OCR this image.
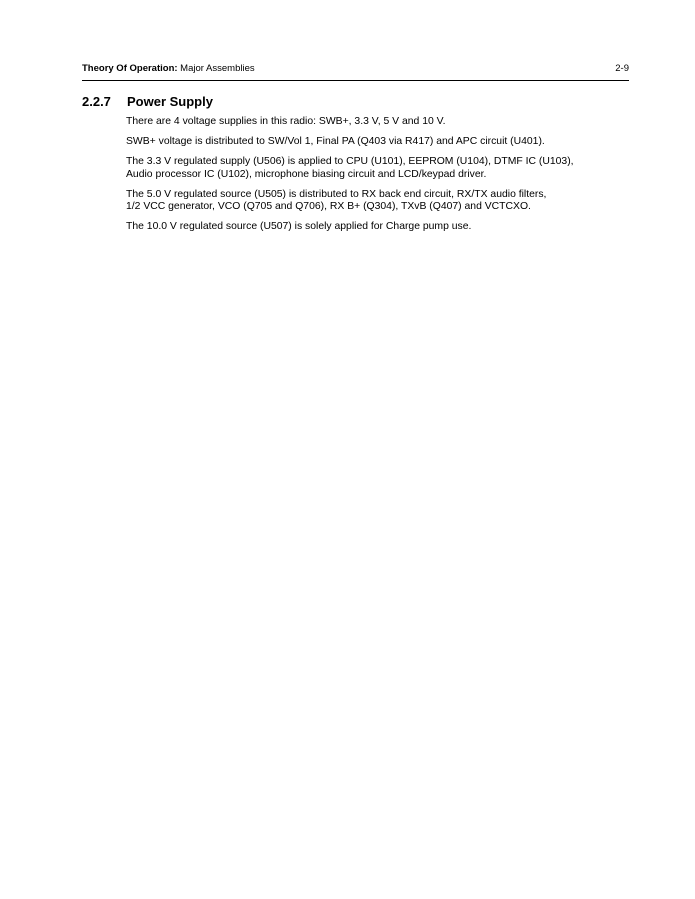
Theory Of Operation: Major Assemblies	2-9
2.2.7 Power Supply

There are 4 voltage supplies in this radio: SWB+, 3.3 V, 5 V and 10 V.

SWB+ voltage is distributed to SW/Vol 1, Final PA (Q403 via R417) and APC circuit (U401).

The 3.3 V regulated supply (U506) is applied to CPU (U101), EEPROM (U104), DTMF IC (U103),
Audio processor IC (U102), microphone biasing circuit and LCD/keypad driver.

The 5.0 V regulated source (U505) is distributed to RX back end circuit, RX/TX audio filters,
1/2 VCC generator, VCO (Q705 and Q706), RX B+ (Q304), TXvB (Q407) and VCTCXO.

The 10.0 V regulated source (U507) is solely applied for Charge pump use.
